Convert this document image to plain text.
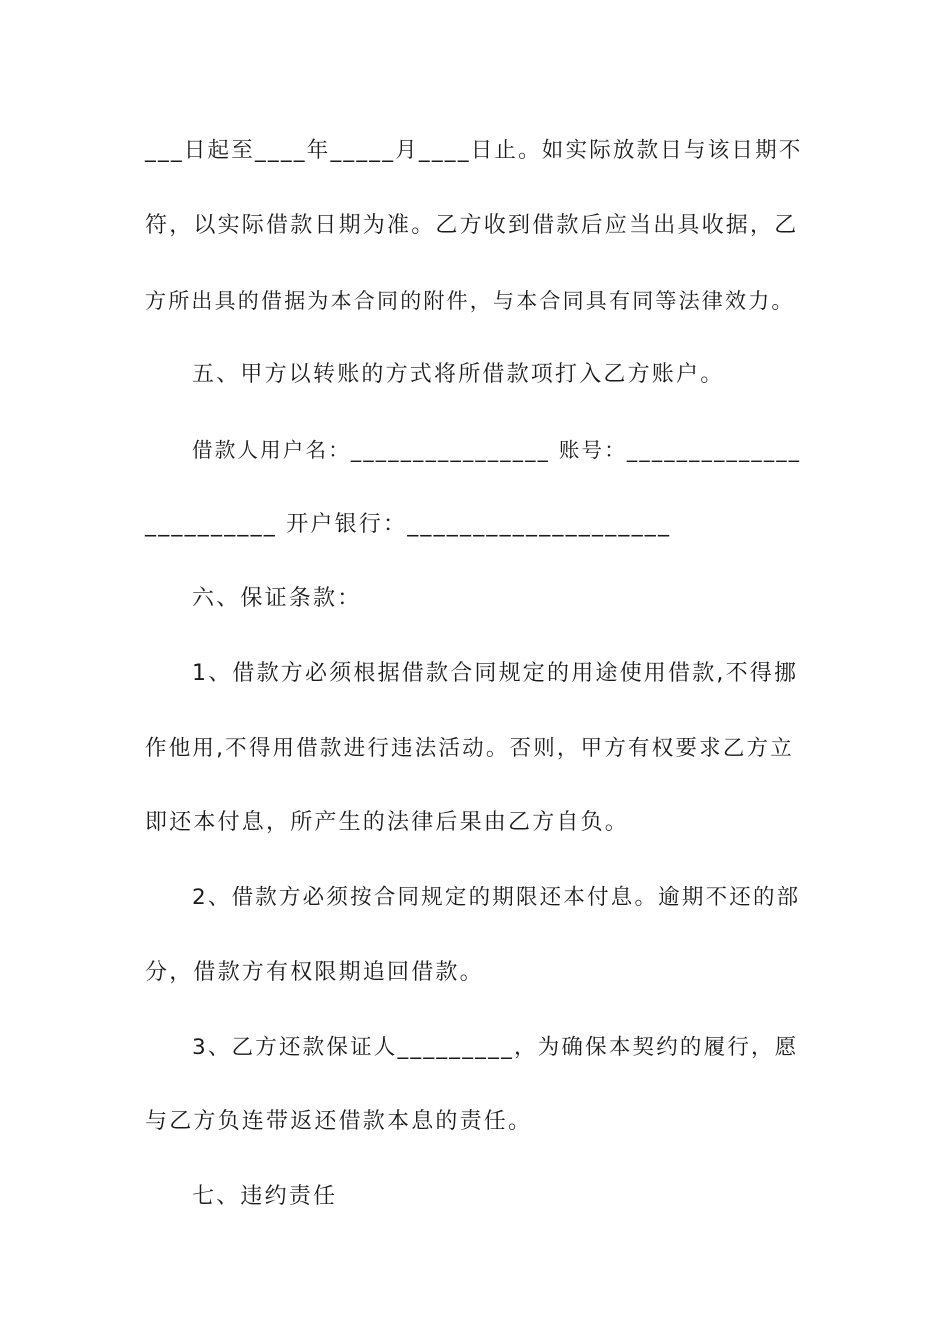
___日起至____年_____月____日止。如实际放款日与该日期不
符，以实际借款日期为准。乙方收到借款后应当出具收据，乙
方所出具的借据为本合同的附件，与本合同具有同等法律效力。
五、甲方以转账的方式将所借款项打入乙方账户。
借款人用户名：________________ 账号：______________
__________ 开户银行：____________________
六、保证条款：
1、借款方必须根据借款合同规定的用途使用借款,不得挪
作他用,不得用借款进行违法活动。否则，甲方有权要求乙方立
即还本付息，所产生的法律后果由乙方自负。
2、借款方必须按合同规定的期限还本付息。逾期不还的部
分，借款方有权限期追回借款。
3、乙方还款保证人_________，为确保本契约的履行，愿
与乙方负连带返还借款本息的责任。
七、违约责任
